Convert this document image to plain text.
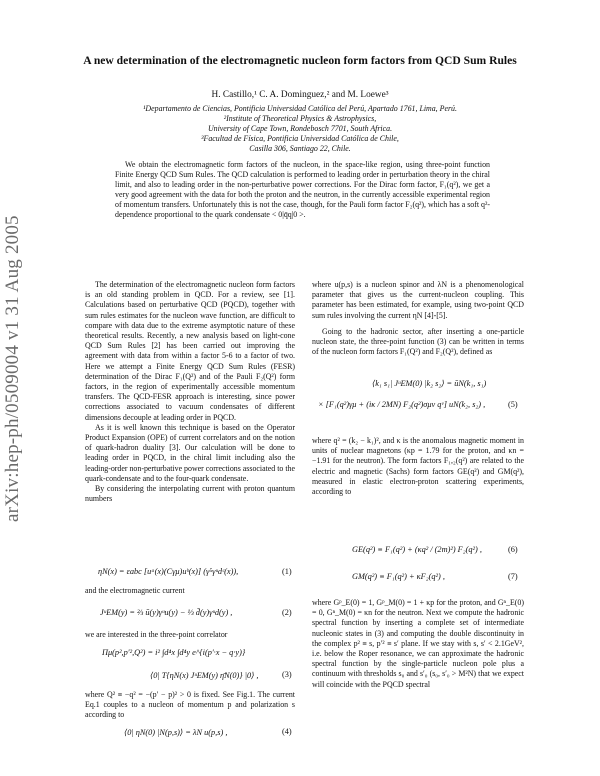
arXiv:hep-ph/0509004 v1 31 Aug 2005
A new determination of the electromagnetic nucleon form factors from QCD Sum Rules
H. Castillo,¹ C. A. Dominguez,² and M. Loewe³
¹Departamento de Ciencias, Pontificia Universidad Católica del Perú, Apartado 1761, Lima, Perú.
²Institute of Theoretical Physics & Astrophysics,
University of Cape Town, Rondebosch 7701, South Africa.
³Facultad de Física, Pontificia Universidad Católica de Chile,
Casilla 306, Santiago 22, Chile.
We obtain the electromagnetic form factors of the nucleon, in the space-like region, using three-point function Finite Energy QCD Sum Rules. The QCD calculation is performed to leading order in perturbation theory in the chiral limit, and also to leading order in the non-perturbative power corrections. For the Dirac form factor, F₁(q²), we get a very good agreement with the data for both the proton and the neutron, in the currently accessible experimental region of momentum transfers. Unfortunately this is not the case, though, for the Pauli form factor F₂(q²), which has a soft q²-dependence proportional to the quark condensate < 0|q̄q|0 >.

The determination of the electromagnetic nucleon form factors is an old standing problem in QCD. For a review, see [1]. Calculations based on perturbative QCD (PQCD), together with sum rules estimates for the nucleon wave function, are difficult to compare with data due to the extreme asymptotic nature of these theoretical results. Recently, a new analysis based on light-cone QCD Sum Rules [2] has been carried out improving the agreement with data from within a factor 5-6 to a factor of two. Here we attempt a Finite Energy QCD Sum Rules (FESR) determination of the Dirac F₁(Q²) and of the Pauli F₂(Q²) form factors, in the region of experimentally accessible momentum transfers. The QCD-FESR approach is interesting, since power corrections associated to vacuum condensates of different dimensions decouple at leading order in PQCD.

As it is well known this technique is based on the Operator Product Expansion (OPE) of current correlators and on the notion of quark-hadron duality [3]. Our calculation will be done to leading order in PQCD, in the chiral limit including also the leading-order non-perturbative power corrections associated to the quark-condensate and to the four-quark condensate.

By considering the interpolating current with proton quantum numbers

ηN(x) = εabc [uᵃ(x)(Cγμ)uᵇ(x)] (γ⁵γᵘdᶜ(x)),	(1)

and the electromagnetic current

JᵘEM(y) = ⅔ ū(y)γᵘu(y) − ⅓ d̄(y)γᵘd(y) ,	(2)

we are interested in the three-point correlator

Πμ(p²,p′²,Q²) = i² ∫d⁴x ∫d⁴y e^{i(p′·x − q·y)}
⟨0| T{ηN(x) JᵘEM(y) η̄N(0)} |0⟩ ,	(3)

where Q² ≡ −q² = −(p′ − p)² > 0 is fixed. See Fig.1. The current Eq.1 couples to a nucleon of momentum p and polarization s according to

⟨0| ηN(0) |N(p,s)⟩ = λN u(p,s) ,	(4)

where u(p,s) is a nucleon spinor and λN is a phenomenological parameter that gives us the current-nucleon coupling. This parameter has been estimated, for example, using two-point QCD sum rules involving the current ηN [4]-[5].

Going to the hadronic sector, after inserting a one-particle nucleon state, the three-point function (3) can be written in terms of the nucleon form factors F₁(Q²) and F₂(Q²), defined as

⟨k₁ s₁| JᵘEM(0) |k₂ s₂⟩ = ūN(k₁, s₁)
× [F₁(q²)γμ + (iκ / 2MN) F₂(q²)σμν qᵛ] uN(k₂, s₂) ,	(5)

where q² = (k₂ − k₁)², and κ is the anomalous magnetic moment in units of nuclear magnetons (κp = 1.79 for the proton, and κn = −1.91 for the neutron). The form factors F₁,₂(q²) are related to the electric and magnetic (Sachs) form factors GE(q²) and GM(q²), measured in elastic electron-proton scattering experiments, according to

GE(q²) ≡ F₁(q²) + (κq² / (2m)²) F₂(q²) ,	(6)
GM(q²) ≡ F₁(q²) + κF₂(q²) ,	(7)

where Gᵖ_E(0) = 1, Gᵖ_M(0) = 1 + κp for the proton, and Gⁿ_E(0) = 0, Gⁿ_M(0) = κn for the neutron. Next we compute the hadronic spectral function by inserting a complete set of intermediate nucleonic states in (3) and computing the double discontinuity in the complex p² ≡ s, p′² ≡ s′ plane. If we stay with s, s′ < 2.1GeV², i.e. below the Roper resonance, we can approximate the hadronic spectral function by the single-particle nucleon pole plus a continuum with thresholds s₀ and s′₀ (s₀, s′₀ > M²N) that we expect will coincide with the PQCD spectral
